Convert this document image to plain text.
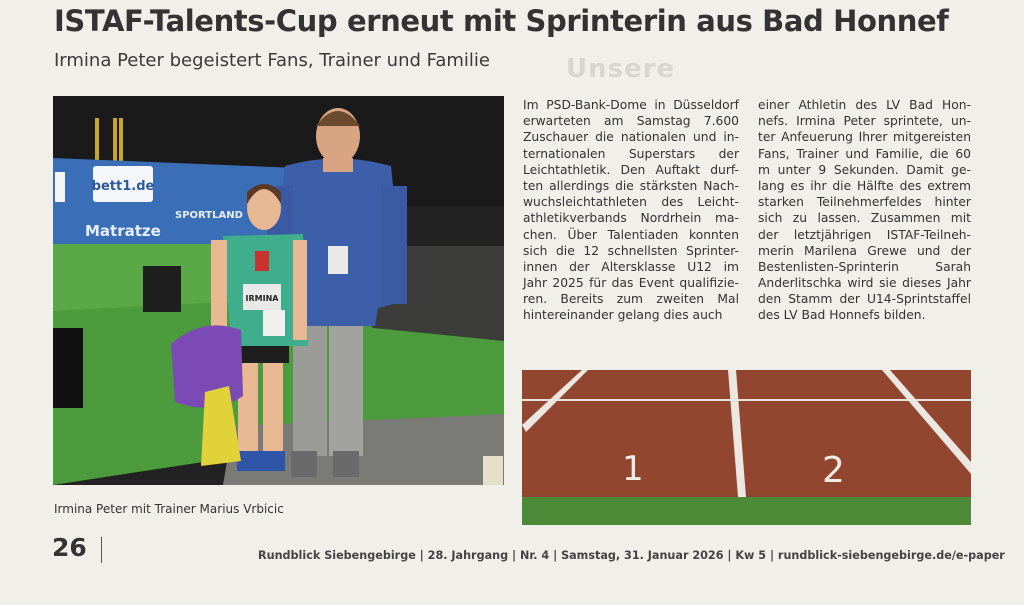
Unsere
ISTAF-Talents-Cup erneut mit Sprinterin aus Bad Honnef
Irmina Peter begeistert Fans, Trainer und Familie
bett1.de
Matratze
SPORTLAND
IRMINA
Irmina Peter mit Trainer Marius Vrbicic
Im PSD-Bank-Dome in Düsseldorf
erwarteten am Samstag 7.600
Zuschauer die nationalen und in-
ternationalen Superstars der
Leichtathletik. Den Auftakt durf-
ten allerdings die stärksten Nach-
wuchsleichtathleten des Leicht-
athletikverbands Nordrhein ma-
chen. Über Talentiaden konnten
sich die 12 schnellsten Sprinter-
innen der Altersklasse U12 im
Jahr 2025 für das Event qualifizie-
ren. Bereits zum zweiten Mal
hintereinander gelang dies auch
einer Athletin des LV Bad Hon-
nefs. Irmina Peter sprintete, un-
ter Anfeuerung Ihrer mitgereisten
Fans, Trainer und Familie, die 60
m unter 9 Sekunden. Damit ge-
lang es ihr die Hälfte des extrem
starken Teilnehmerfeldes hinter
sich zu lassen. Zusammen mit
der letztjährigen ISTAF-Teilneh-
merin Marilena Grewe und der
Bestenlisten-Sprinterin Sarah
Anderlitschka wird sie dieses Jahr
den Stamm der U14-Sprintstaffel
des LV Bad Honnefs bilden.
1	2
26	Rundblick Siebengebirge | 28. Jahrgang | Nr. 4 | Samstag, 31. Januar 2026 | Kw 5 | rundblick-siebengebirge.de/e-paper
